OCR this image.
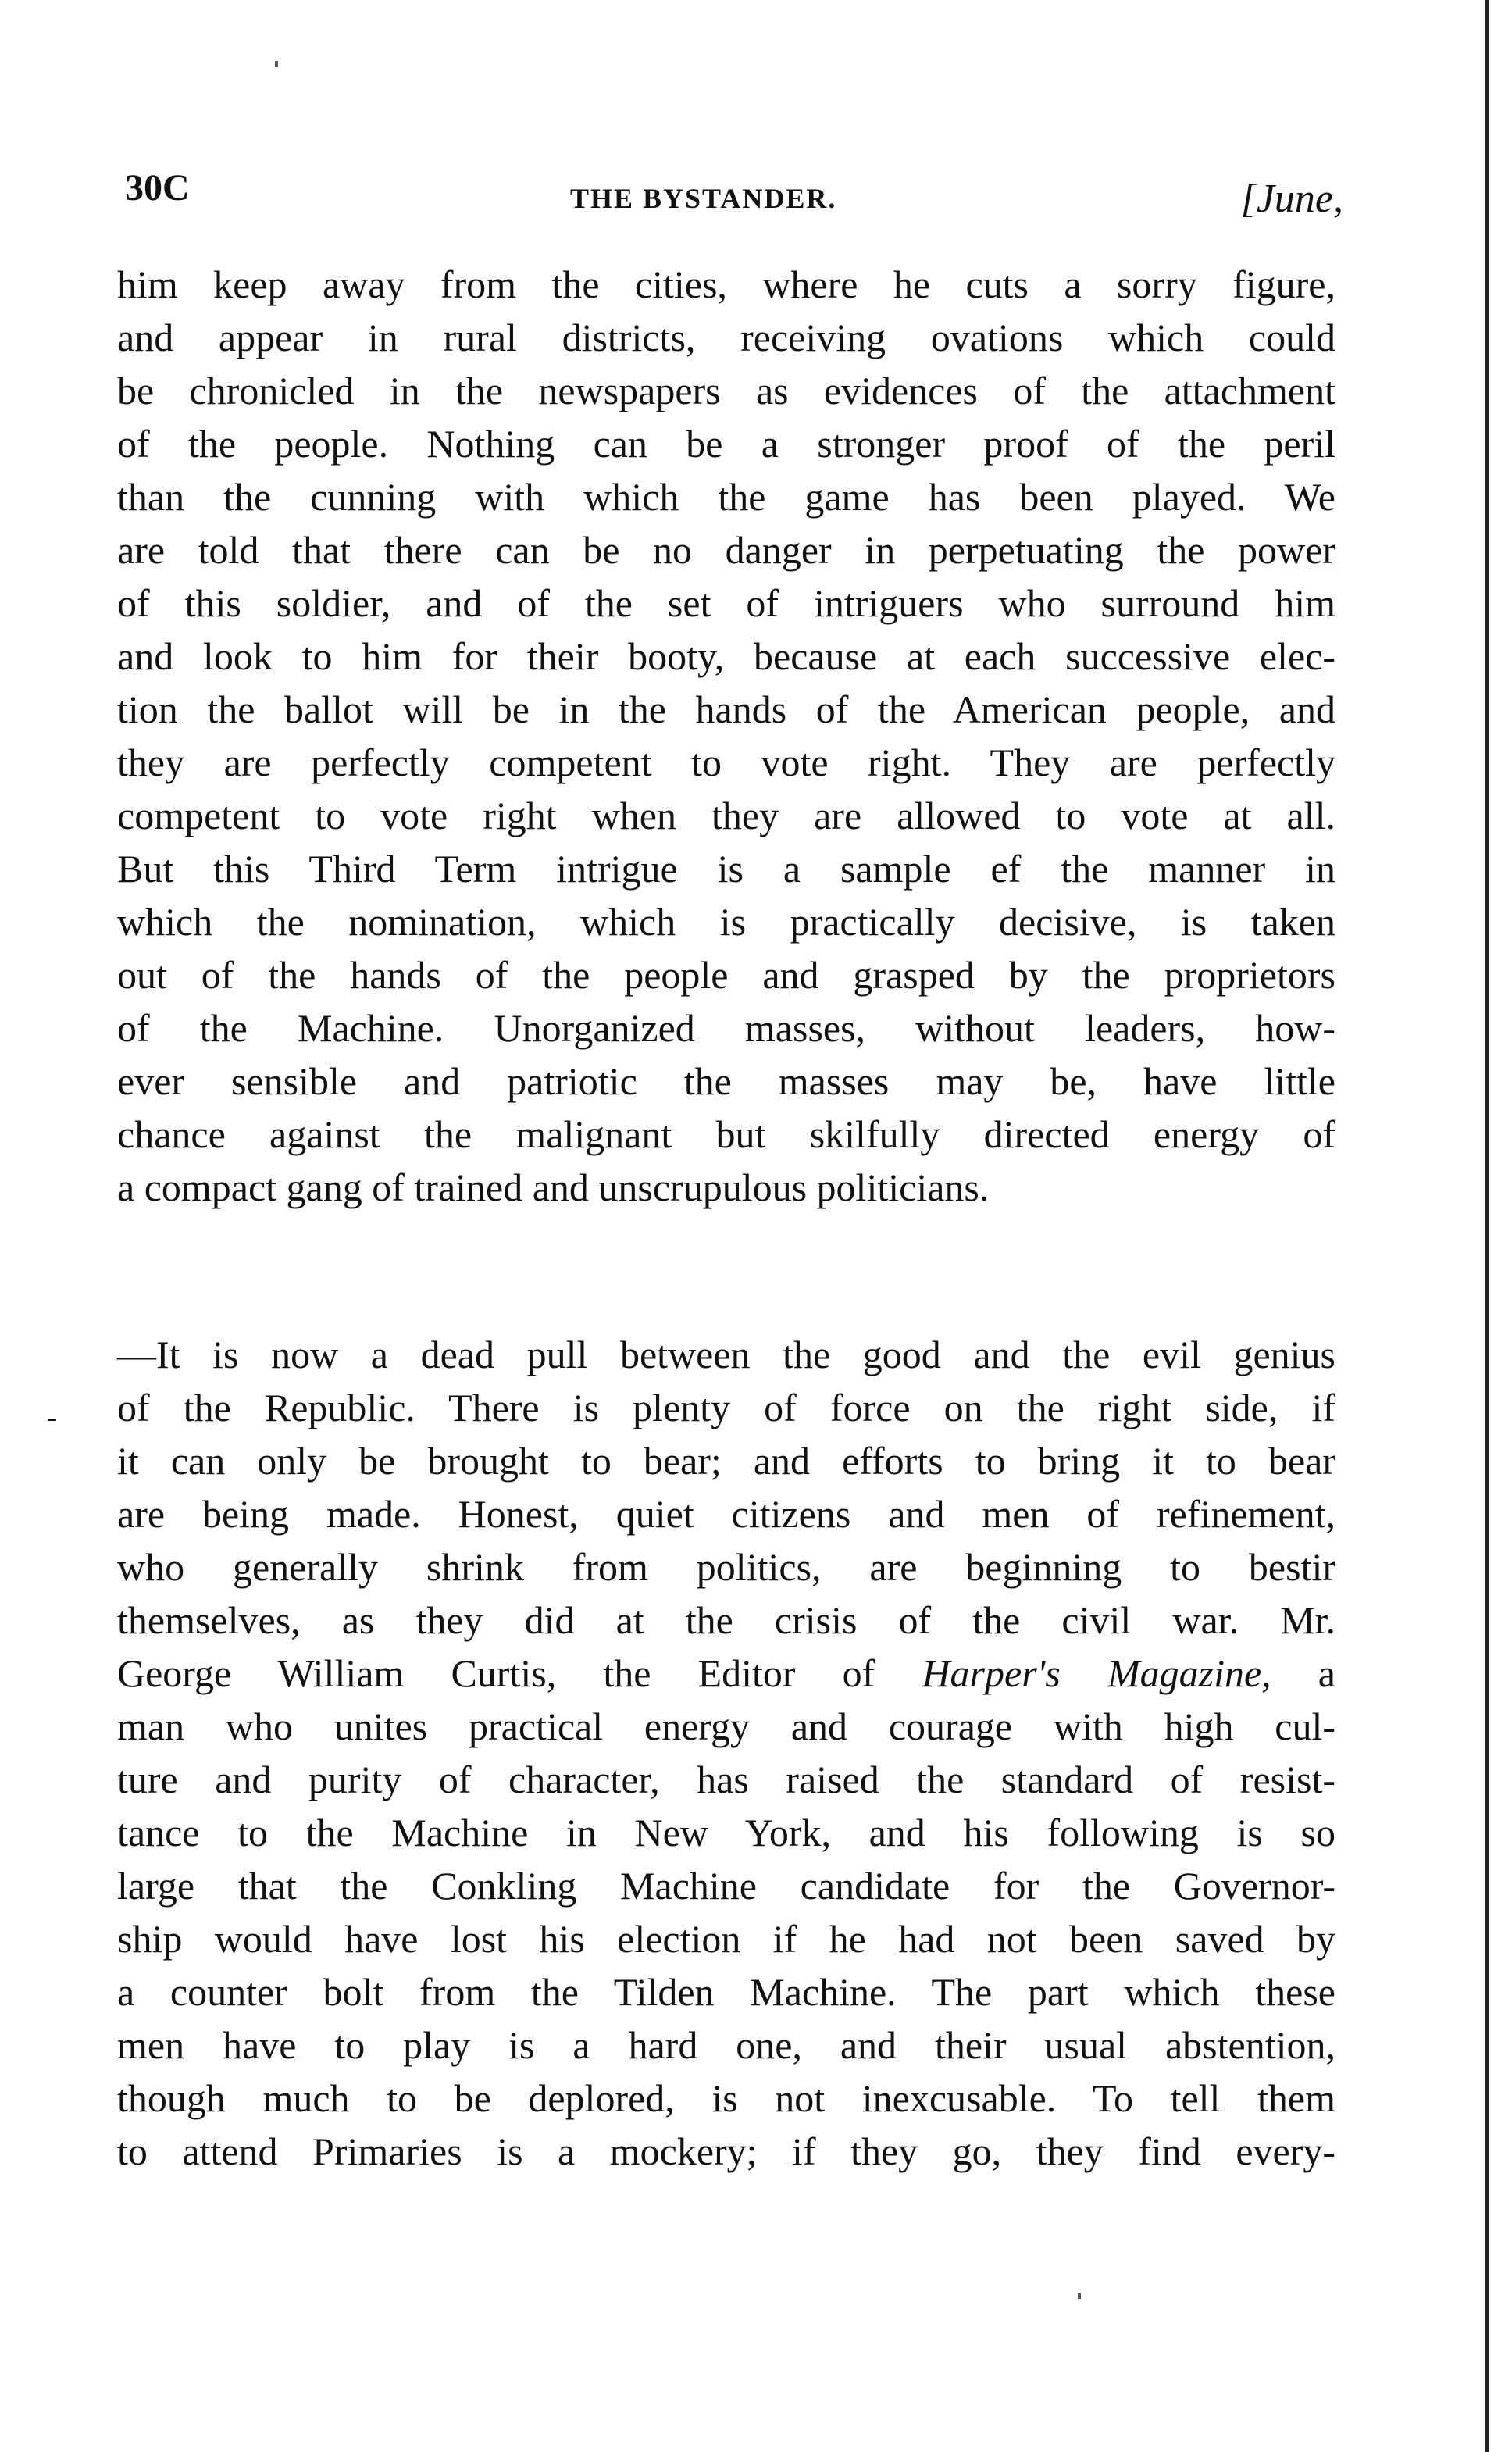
30C	THE BYSTANDER.	[June,
him keep away from the cities, where he cuts a sorry figure,
and appear in rural districts, receiving ovations which could
be chronicled in the newspapers as evidences of the attachment
of the people. Nothing can be a stronger proof of the peril
than the cunning with which the game has been played. We
are told that there can be no danger in perpetuating the power
of this soldier, and of the set of intriguers who surround him
and look to him for their booty, because at each successive elec-
tion the ballot will be in the hands of the American people, and
they are perfectly competent to vote right. They are perfectly
competent to vote right when they are allowed to vote at all.
But this Third Term intrigue is a sample ef the manner in
which the nomination, which is practically decisive, is taken
out of the hands of the people and grasped by the proprietors
of the Machine. Unorganized masses, without leaders, how-
ever sensible and patriotic the masses may be, have little
chance against the malignant but skilfully directed energy of
a compact gang of trained and unscrupulous politicians.
-
—It is now a dead pull between the good and the evil genius
of the Republic. There is plenty of force on the right side, if
it can only be brought to bear; and efforts to bring it to bear
are being made. Honest, quiet citizens and men of refinement,
who generally shrink from politics, are beginning to bestir
themselves, as they did at the crisis of the civil war. Mr.
George William Curtis, the Editor of Harper's Magazine, a
man who unites practical energy and courage with high cul-
ture and purity of character, has raised the standard of resist-
tance to the Machine in New York, and his following is so
large that the Conkling Machine candidate for the Governor-
ship would have lost his election if he had not been saved by
a counter bolt from the Tilden Machine. The part which these
men have to play is a hard one, and their usual abstention,
though much to be deplored, is not inexcusable. To tell them
to attend Primaries is a mockery; if they go, they find every-
